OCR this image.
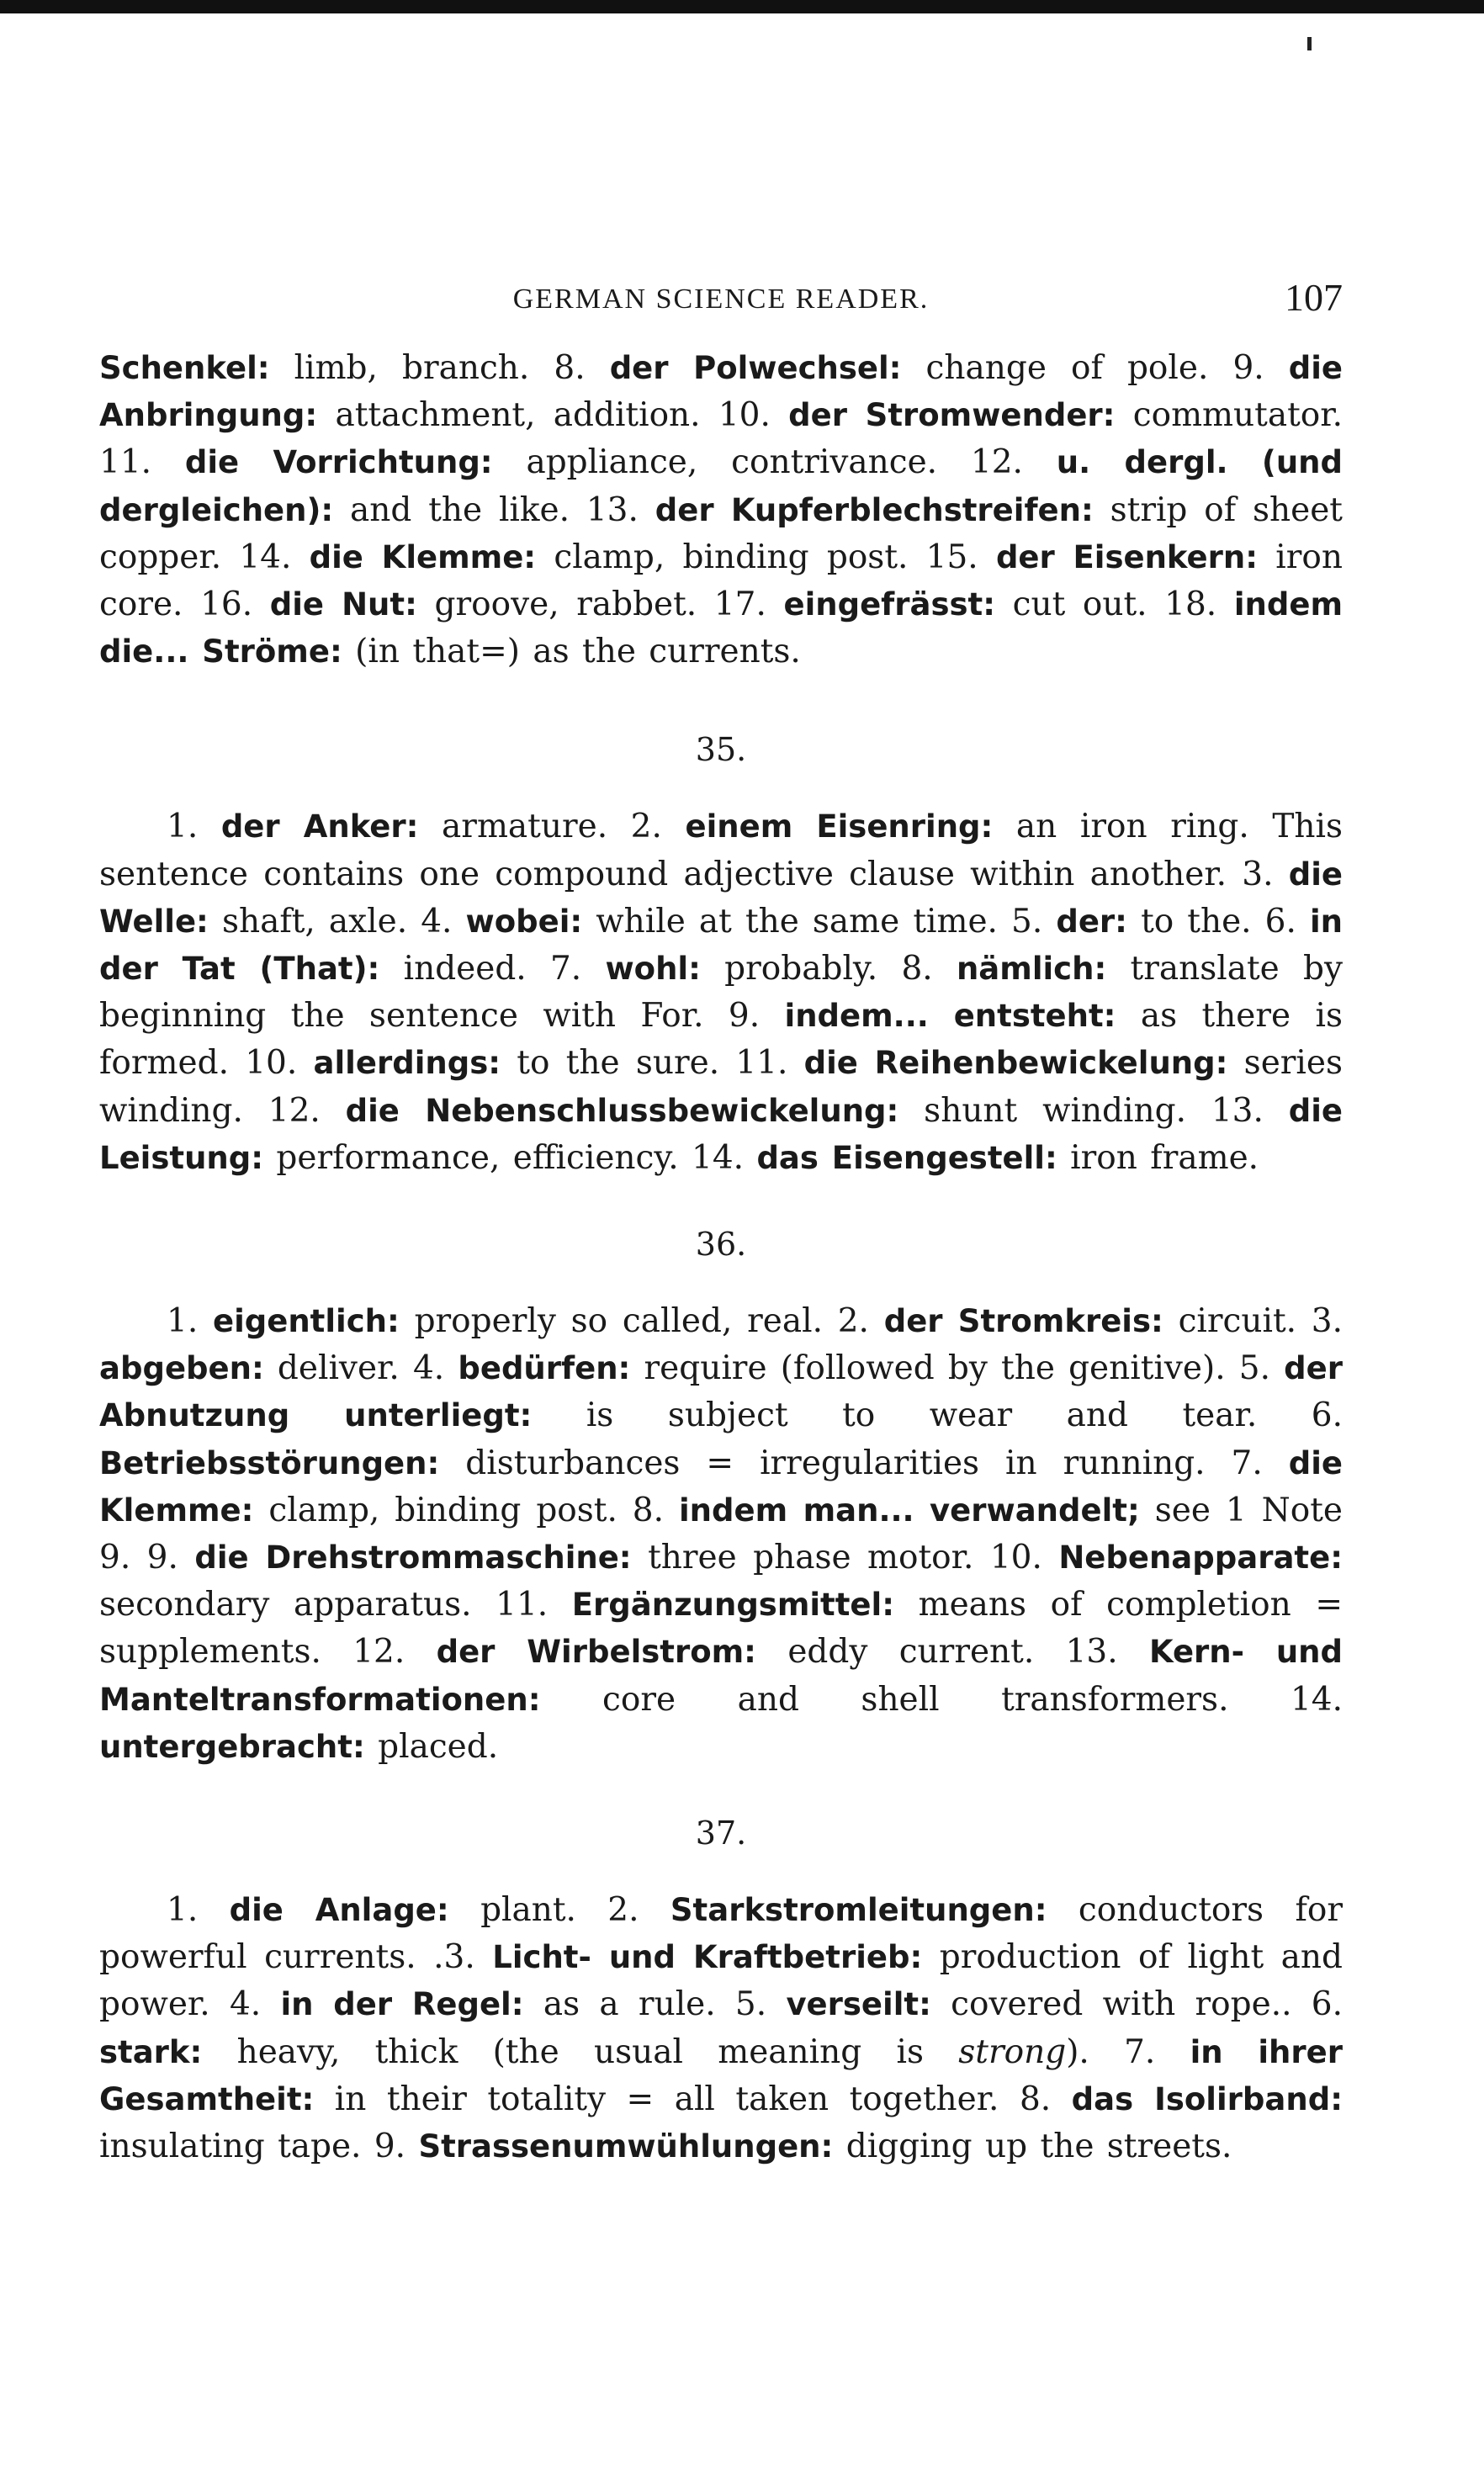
GERMAN SCIENCE READER.	107

Schenkel: limb, branch. 8. der Polwechsel: change of pole. 9. die Anbringung: attachment, addition. 10. der Stromwender: commutator. 11. die Vorrichtung: appliance, contrivance. 12. u. dergl. (und dergleichen): and the like. 13. der Kupferblechstreifen: strip of sheet copper. 14. die Klemme: clamp, binding post. 15. der Eisenkern: iron core. 16. die Nut: groove, rabbet. 17. eingefrässt: cut out. 18. indem die... Ströme: (in that=) as the currents.

35.

1. der Anker: armature. 2. einem Eisenring: an iron ring. This sentence contains one compound adjective clause within another. 3. die Welle: shaft, axle. 4. wobei: while at the same time. 5. der: to the. 6. in der Tat (That): indeed. 7. wohl: probably. 8. nämlich: translate by beginning the sentence with For. 9. indem... entsteht: as there is formed. 10. allerdings: to the sure. 11. die Reihenbewickelung: series winding. 12. die Nebenschlussbewickelung: shunt winding. 13. die Leistung: performance, efficiency. 14. das Eisengestell: iron frame.

36.

1. eigentlich: properly so called, real. 2. der Stromkreis: circuit. 3. abgeben: deliver. 4. bedürfen: require (followed by the genitive). 5. der Abnutzung unterliegt: is subject to wear and tear. 6. Betriebsstörungen: disturbances = irregularities in running. 7. die Klemme: clamp, binding post. 8. indem man... verwandelt; see 1 Note 9. 9. die Drehstrommaschine: three phase motor. 10. Nebenapparate: secondary apparatus. 11. Ergänzungsmittel: means of completion = supplements. 12. der Wirbelstrom: eddy current. 13. Kern- und Manteltransformationen: core and shell transformers. 14. untergebracht: placed.

37.

1. die Anlage: plant. 2. Starkstromleitungen: conductors for powerful currents. .3. Licht- und Kraftbetrieb: production of light and power. 4. in der Regel: as a rule. 5. verseilt: covered with rope.. 6. stark: heavy, thick (the usual meaning is strong). 7. in ihrer Gesamtheit: in their totality = all taken together. 8. das Isolirband: insulating tape. 9. Strassenumwühlungen: digging up the streets.
